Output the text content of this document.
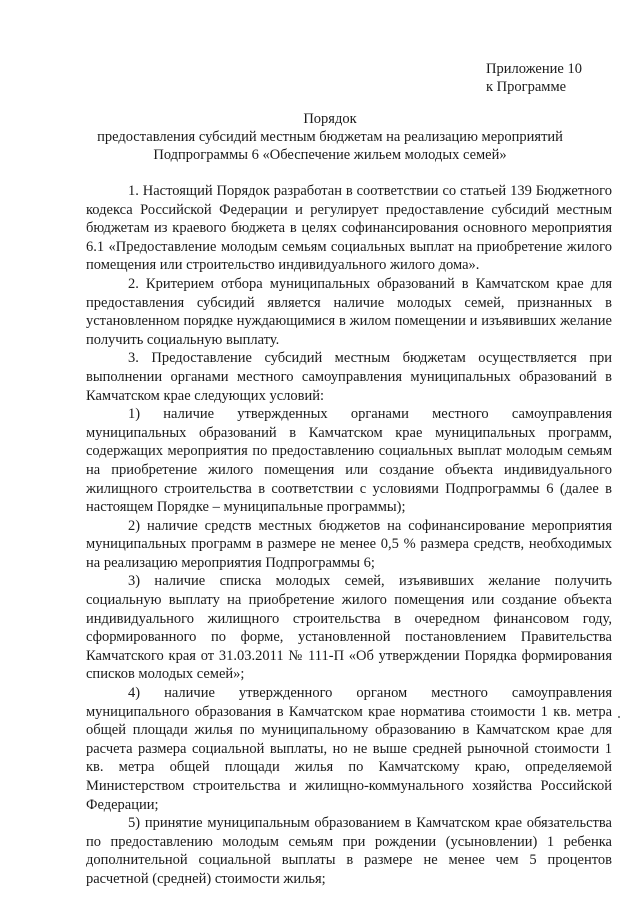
Приложение 10
к Программе
Порядок
предоставления субсидий местным бюджетам на реализацию мероприятий
Подпрограммы 6 «Обеспечение жильем молодых семей»

1. Настоящий Порядок разработан в соответствии со статьей 139 Бюджетного кодекса Российской Федерации и регулирует предоставление субсидий местным бюджетам из краевого бюджета в целях софинансирования основного мероприятия 6.1 «Предоставление молодым семьям социальных выплат на приобретение жилого помещения или строительство индивидуального жилого дома».

2. Критерием отбора муниципальных образований в Камчатском крае для предоставления субсидий является наличие молодых семей, признанных в установленном порядке нуждающимися в жилом помещении и изъявивших желание получить социальную выплату.

3. Предоставление субсидий местным бюджетам осуществляется при выполнении органами местного самоуправления муниципальных образований в Камчатском крае следующих условий:

1) наличие утвержденных органами местного самоуправления муниципальных образований в Камчатском крае муниципальных программ, содержащих мероприятия по предоставлению социальных выплат молодым семьям на приобретение жилого помещения или создание объекта индивидуального жилищного строительства в соответствии с условиями Подпрограммы 6 (далее в настоящем Порядке – муниципальные программы);

2) наличие средств местных бюджетов на софинансирование мероприятия муниципальных программ в размере не менее 0,5 % размера средств, необходимых на реализацию мероприятия Подпрограммы 6;

3) наличие списка молодых семей, изъявивших желание получить социальную выплату на приобретение жилого помещения или создание объекта индивидуального жилищного строительства в очередном финансовом году, сформированного по форме, установленной постановлением Правительства Камчатского края от 31.03.2011 № 111-П «Об утверждении Порядка формирования списков молодых семей»;

4) наличие утвержденного органом местного самоуправления муниципального образования в Камчатском крае норматива стоимости 1 кв. метра общей площади жилья по муниципальному образованию в Камчатском крае для расчета размера социальной выплаты, но не выше средней рыночной стоимости 1 кв. метра общей площади жилья по Камчатскому краю, определяемой Министерством строительства и жилищно-коммунального хозяйства Российской Федерации;

5) принятие муниципальным образованием в Камчатском крае обязательства по предоставлению молодым семьям при рождении (усыновлении) 1 ребенка дополнительной социальной выплаты в размере не менее чем 5 процентов расчетной (средней) стоимости жилья;
